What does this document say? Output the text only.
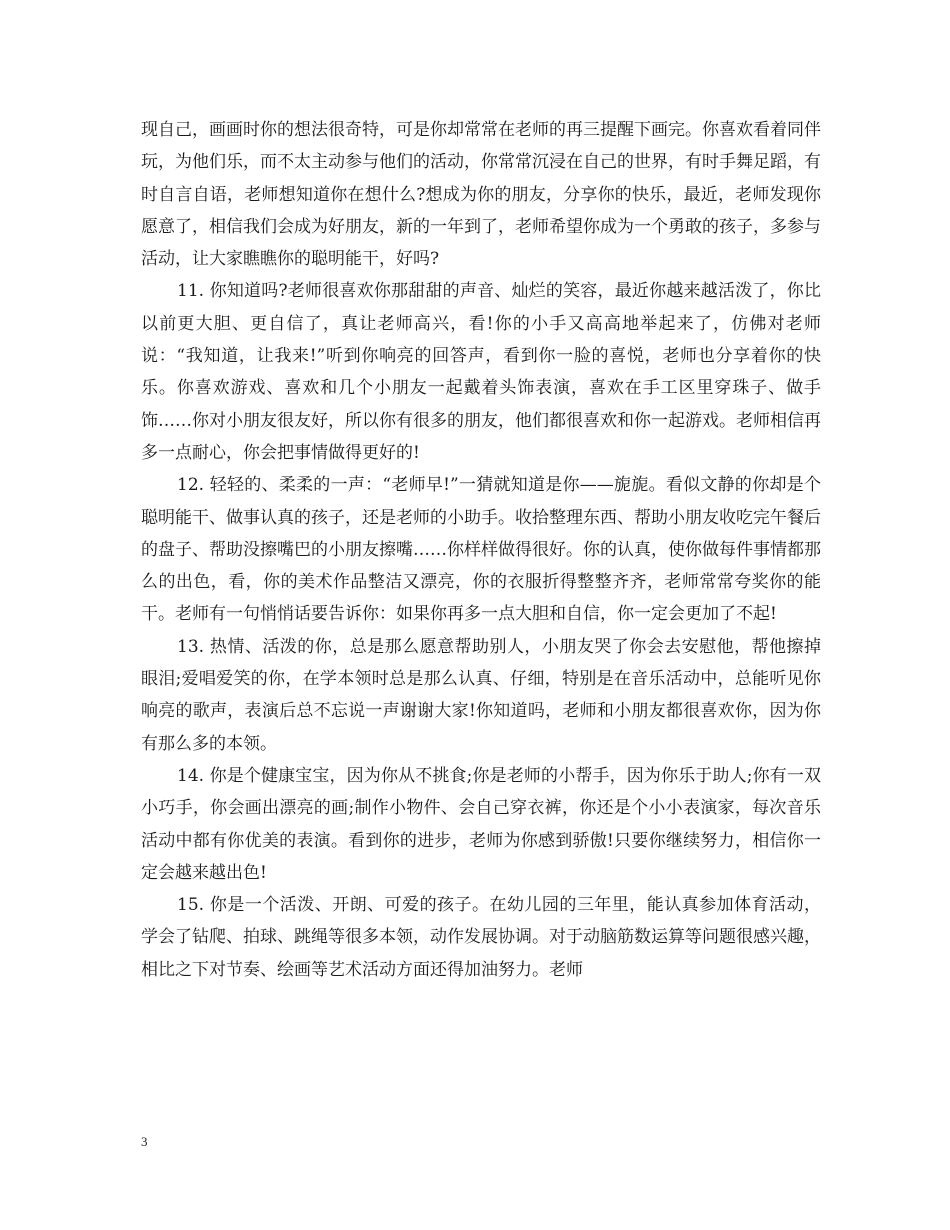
现自己，画画时你的想法很奇特，可是你却常常在老师的再三提醒下画完。你喜欢看着同伴玩，为他们乐，而不太主动参与他们的活动，你常常沉浸在自己的世界，有时手舞足蹈，有时自言自语，老师想知道你在想什么?想成为你的朋友，分享你的快乐，最近，老师发现你愿意了，相信我们会成为好朋友，新的一年到了，老师希望你成为一个勇敢的孩子，多参与活动，让大家瞧瞧你的聪明能干，好吗?

11. 你知道吗?老师很喜欢你那甜甜的声音、灿烂的笑容，最近你越来越活泼了，你比以前更大胆、更自信了，真让老师高兴，看!你的小手又高高地举起来了，仿佛对老师说：“我知道，让我来!”听到你响亮的回答声，看到你一脸的喜悦，老师也分享着你的快乐。你喜欢游戏、喜欢和几个小朋友一起戴着头饰表演，喜欢在手工区里穿珠子、做手饰……你对小朋友很友好，所以你有很多的朋友，他们都很喜欢和你一起游戏。老师相信再多一点耐心，你会把事情做得更好的!

12. 轻轻的、柔柔的一声：“老师早!”一猜就知道是你——旎旎。看似文静的你却是个聪明能干、做事认真的孩子，还是老师的小助手。收拾整理东西、帮助小朋友收吃完午餐后的盘子、帮助没擦嘴巴的小朋友擦嘴……你样样做得很好。你的认真，使你做每件事情都那么的出色，看，你的美术作品整洁又漂亮，你的衣服折得整整齐齐，老师常常夸奖你的能干。老师有一句悄悄话要告诉你：如果你再多一点大胆和自信，你一定会更加了不起!

13. 热情、活泼的你，总是那么愿意帮助别人，小朋友哭了你会去安慰他，帮他擦掉眼泪;爱唱爱笑的你，在学本领时总是那么认真、仔细，特别是在音乐活动中，总能听见你响亮的歌声，表演后总不忘说一声谢谢大家!你知道吗，老师和小朋友都很喜欢你，因为你有那么多的本领。

14. 你是个健康宝宝，因为你从不挑食;你是老师的小帮手，因为你乐于助人;你有一双小巧手，你会画出漂亮的画;制作小物件、会自己穿衣裤，你还是个小小表演家，每次音乐活动中都有你优美的表演。看到你的进步，老师为你感到骄傲!只要你继续努力，相信你一定会越来越出色!

15. 你是一个活泼、开朗、可爱的孩子。在幼儿园的三年里，能认真参加体育活动，学会了钻爬、拍球、跳绳等很多本领，动作发展协调。对于动脑筋数运算等问题很感兴趣，相比之下对节奏、绘画等艺术活动方面还得加油努力。老师

3
